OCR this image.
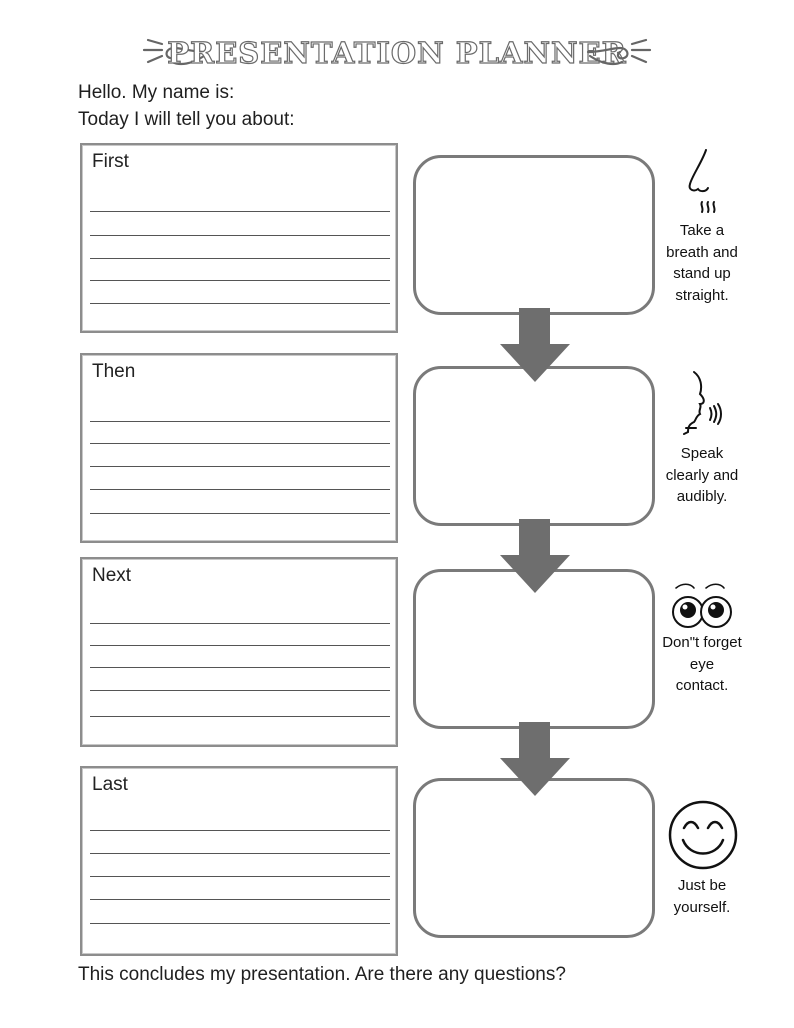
PRESENTATION PLANNER
Hello. My name is:
Today I will tell you about:
First
Then
Next
Last
Take a breath and stand up straight.
Speak clearly and audibly.
Don"t forget eye contact.
Just be yourself.
This concludes my presentation. Are there any questions?
